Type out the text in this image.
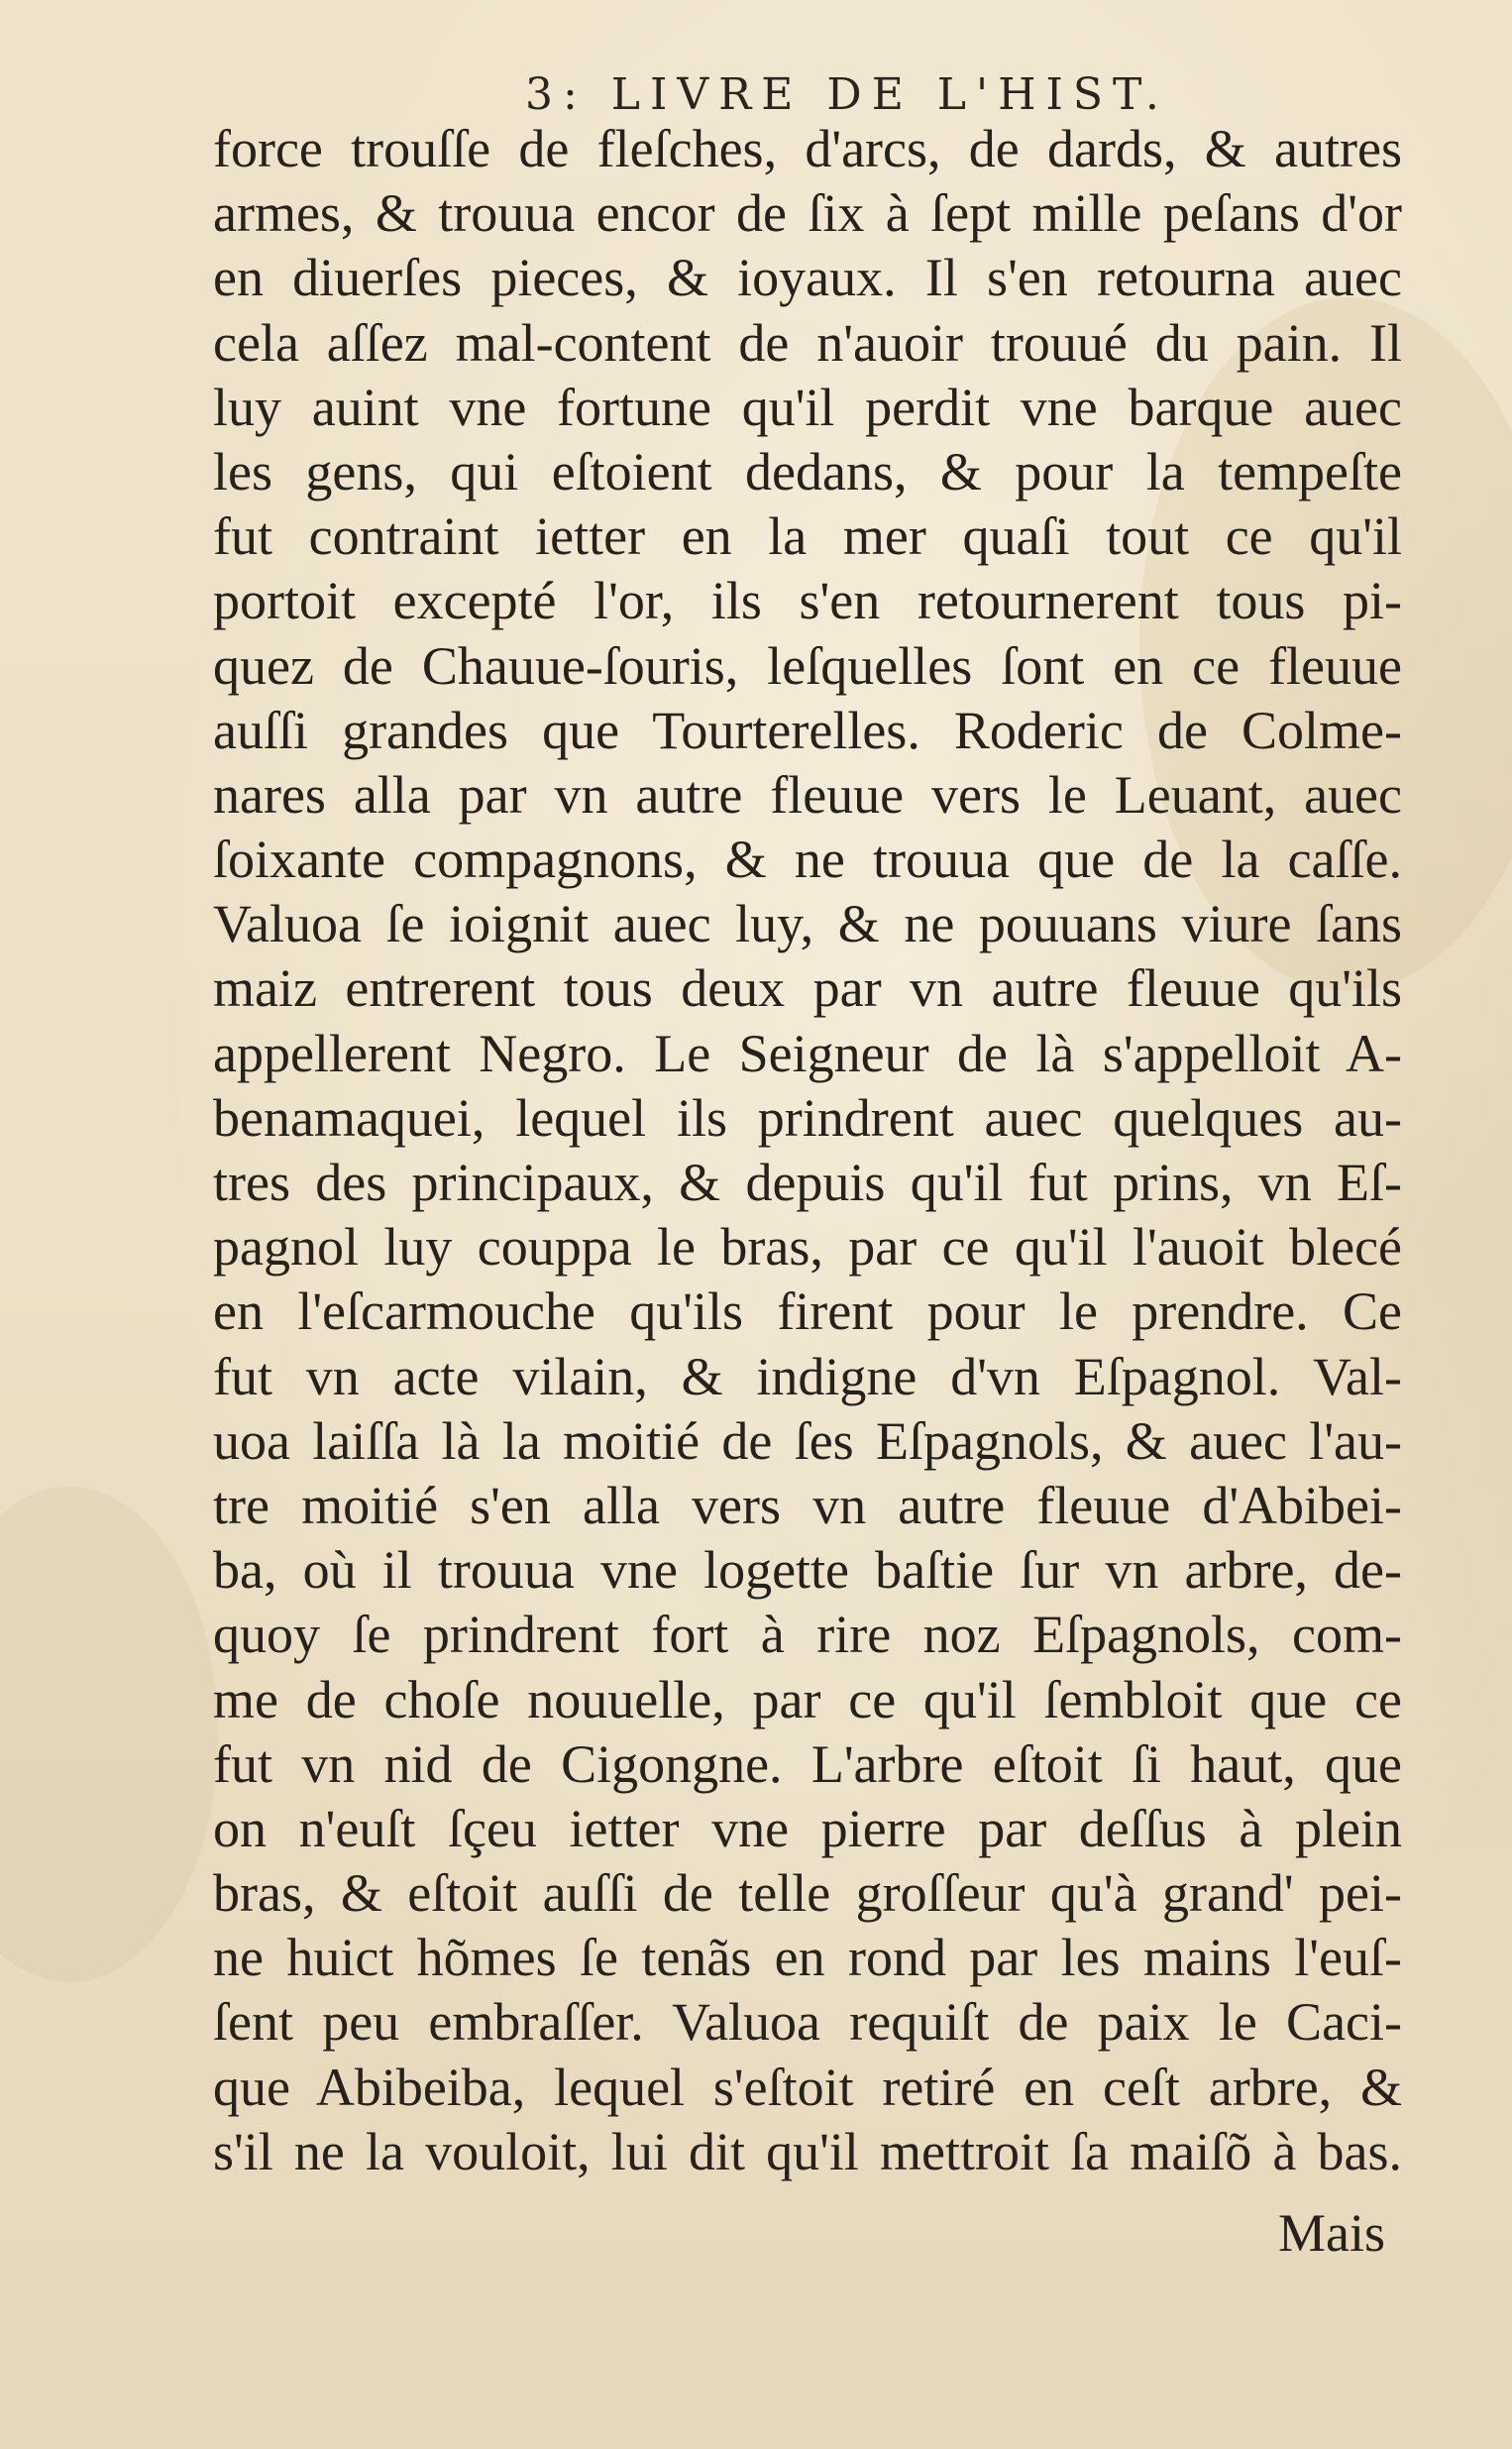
3: LIVRE DE L'HIST.
force trouſſe de fleſches, d'arcs, de dards, & autres
armes, & trouua encor de ſix à ſept mille peſans d'or
en diuerſes pieces, & ioyaux. Il s'en retourna auec
cela aſſez mal-content de n'auoir trouué du pain. Il
luy auint vne fortune qu'il perdit vne barque auec
les gens, qui eſtoient dedans, & pour la tempeſte
fut contraint ietter en la mer quaſi tout ce qu'il
portoit excepté l'or, ils s'en retournerent tous pi-
quez de Chauue-ſouris, leſquelles ſont en ce fleuue
auſſi grandes que Tourterelles. Roderic de Colme-
nares alla par vn autre fleuue vers le Leuant, auec
ſoixante compagnons, & ne trouua que de la caſſe.
Valuoa ſe ioignit auec luy, & ne pouuans viure ſans
maiz entrerent tous deux par vn autre fleuue qu'ils
appellerent Negro. Le Seigneur de là s'appelloit A-
benamaquei, lequel ils prindrent auec quelques au-
tres des principaux, & depuis qu'il fut prins, vn Eſ-
pagnol luy couppa le bras, par ce qu'il l'auoit blecé
en l'eſcarmouche qu'ils firent pour le prendre. Ce
fut vn acte vilain, & indigne d'vn Eſpagnol. Val-
uoa laiſſa là la moitié de ſes Eſpagnols, & auec l'au-
tre moitié s'en alla vers vn autre fleuue d'Abibei-
ba, où il trouua vne logette baſtie ſur vn arbre, de-
quoy ſe prindrent fort à rire noz Eſpagnols, com-
me de choſe nouuelle, par ce qu'il ſembloit que ce
fut vn nid de Cigongne. L'arbre eſtoit ſi haut, que
on n'euſt ſçeu ietter vne pierre par deſſus à plein
bras, & eſtoit auſſi de telle groſſeur qu'à grand' pei-
ne huict hõmes ſe tenãs en rond par les mains l'euſ-
ſent peu embraſſer. Valuoa requiſt de paix le Caci-
que Abibeiba, lequel s'eſtoit retiré en ceſt arbre, &
s'il ne la vouloit, lui dit qu'il mettroit ſa maiſõ à bas.
Mais
